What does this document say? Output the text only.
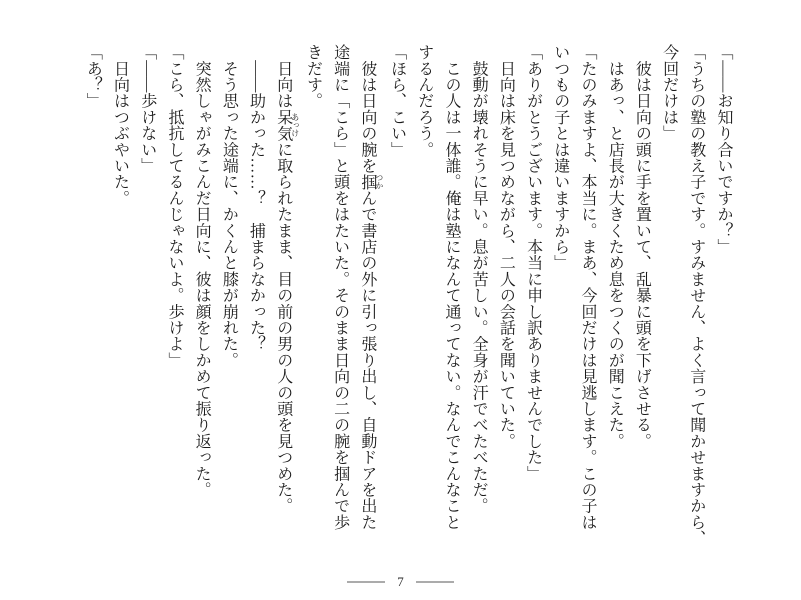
「――お知り合いですか？」
「うちの塾の教え子です。すみません、よく言って聞かせますから、
今回だけは」
　彼は日向の頭に手を置いて、乱暴に頭を下げさせる。
　はあっ、と店長が大きくため息をつくのが聞こえた。
「たのみますよ、本当に。まあ、今回だけは見逃します。この子は
いつもの子とは違いますから」
「ありがとうございます。本当に申し訳ありませんでした」
　日向は床を見つめながら、二人の会話を聞いていた。
　鼓動が壊れそうに早い。息が苦しい。全身が汗でべたべただ。
　この人は一体誰。俺は塾になんて通ってない。なんでこんなこと
するんだろう。
「ほら、こい」
　彼は日向の腕を掴 つかんで書店の外に引っ張り出し、自動ドアを出た
途端に「こら」と頭をはたいた。そのまま日向の二の腕を掴んで歩
きだす。
　日向は呆気 あっけに取られたまま、目の前の男の人の頭を見つめた。
　――助かった……？　捕まらなかった？
　そう思った途端に、かくんと膝が崩れた。
　突然しゃがみこんだ日向に、彼は顔をしかめて振り返った。
「こら、抵抗してるんじゃないよ。歩けよ」
「――歩けない」
　日向はつぶやいた。
「あ？」
7
